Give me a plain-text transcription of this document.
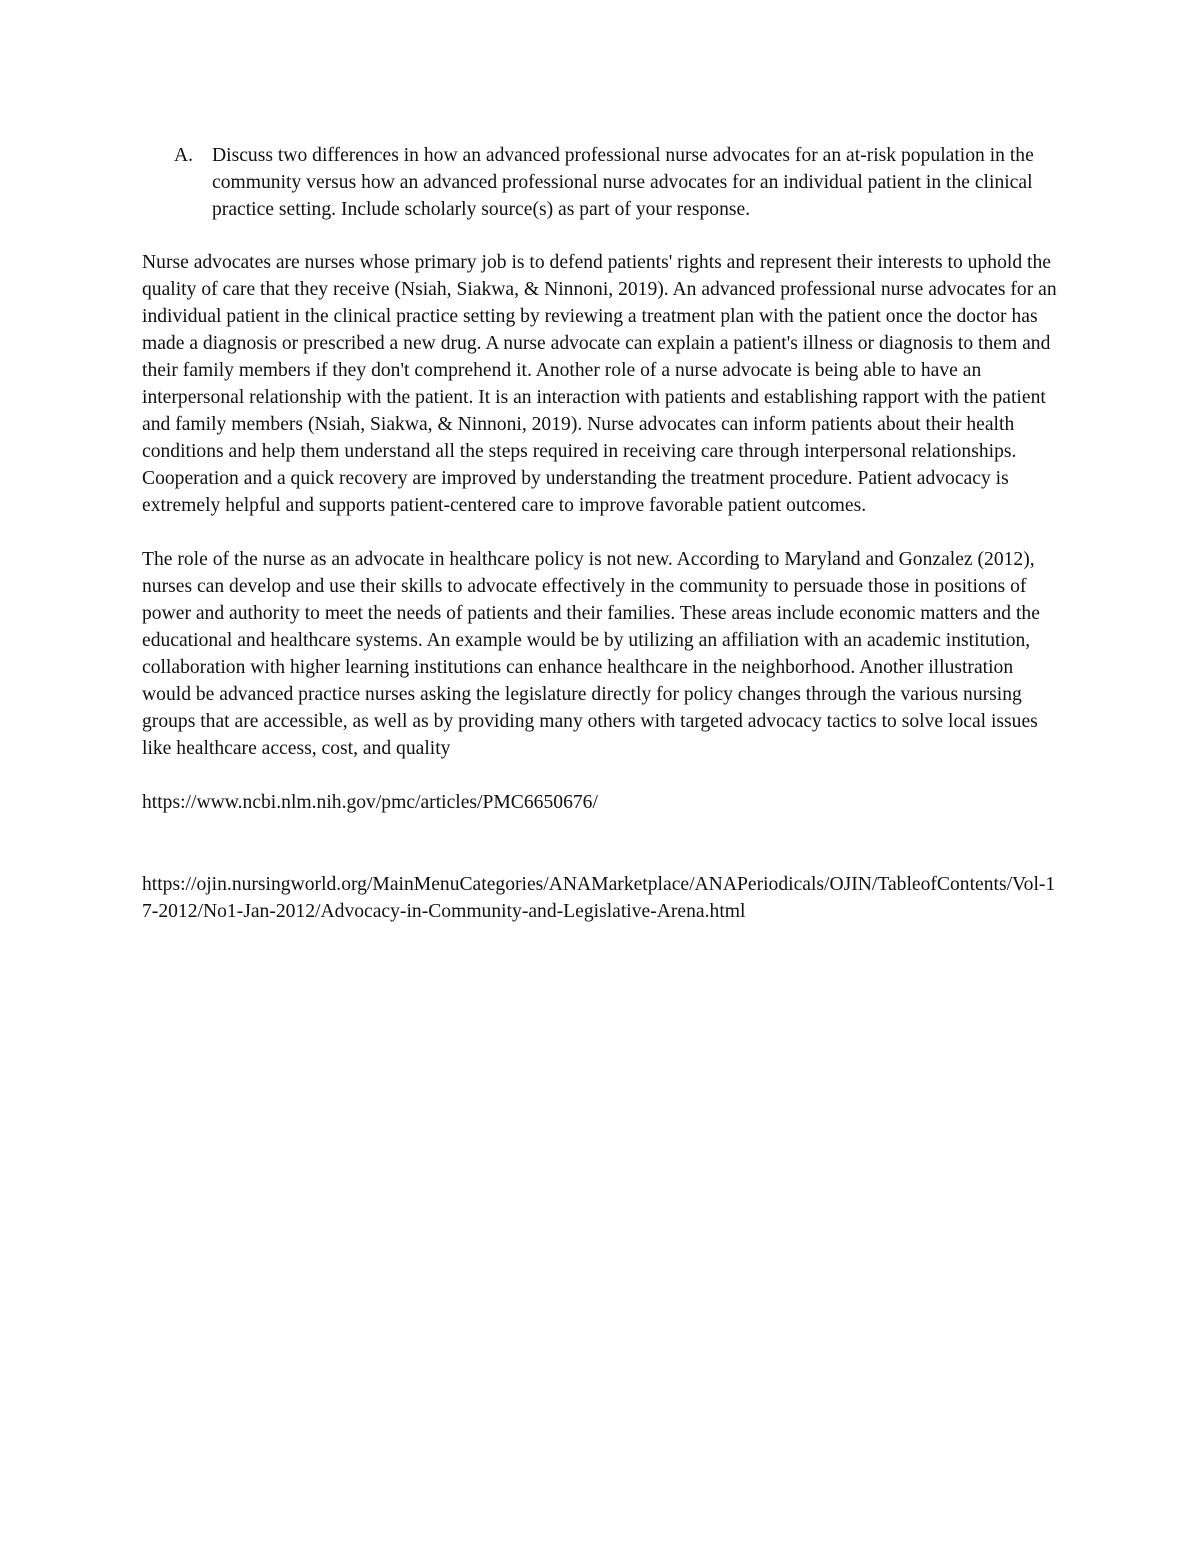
A. Discuss two differences in how an advanced professional nurse advocates for an at-risk population in the community versus how an advanced professional nurse advocates for an individual patient in the clinical practice setting. Include scholarly source(s) as part of your response.

Nurse advocates are nurses whose primary job is to defend patients' rights and represent their interests to uphold the quality of care that they receive (Nsiah, Siakwa, & Ninnoni, 2019). An advanced professional nurse advocates for an individual patient in the clinical practice setting by reviewing a treatment plan with the patient once the doctor has made a diagnosis or prescribed a new drug. A nurse advocate can explain a patient's illness or diagnosis to them and their family members if they don't comprehend it. Another role of a nurse advocate is being able to have an interpersonal relationship with the patient. It is an interaction with patients and establishing rapport with the patient and family members (Nsiah, Siakwa, & Ninnoni, 2019). Nurse advocates can inform patients about their health conditions and help them understand all the steps required in receiving care through interpersonal relationships. Cooperation and a quick recovery are improved by understanding the treatment procedure. Patient advocacy is extremely helpful and supports patient-centered care to improve favorable patient outcomes.

The role of the nurse as an advocate in healthcare policy is not new. According to Maryland and Gonzalez (2012), nurses can develop and use their skills to advocate effectively in the community to persuade those in positions of power and authority to meet the needs of patients and their families. These areas include economic matters and the educational and healthcare systems. An example would be by utilizing an affiliation with an academic institution, collaboration with higher learning institutions can enhance healthcare in the neighborhood. Another illustration would be advanced practice nurses asking the legislature directly for policy changes through the various nursing groups that are accessible, as well as by providing many others with targeted advocacy tactics to solve local issues like healthcare access, cost, and quality

https://www.ncbi.nlm.nih.gov/pmc/articles/PMC6650676/

https://ojin.nursingworld.org/MainMenuCategories/ANAMarketplace/ANAPeriodicals/OJIN/TableofContents/Vol-17-2012/No1-Jan-2012/Advocacy-in-Community-and-Legislative-Arena.html
